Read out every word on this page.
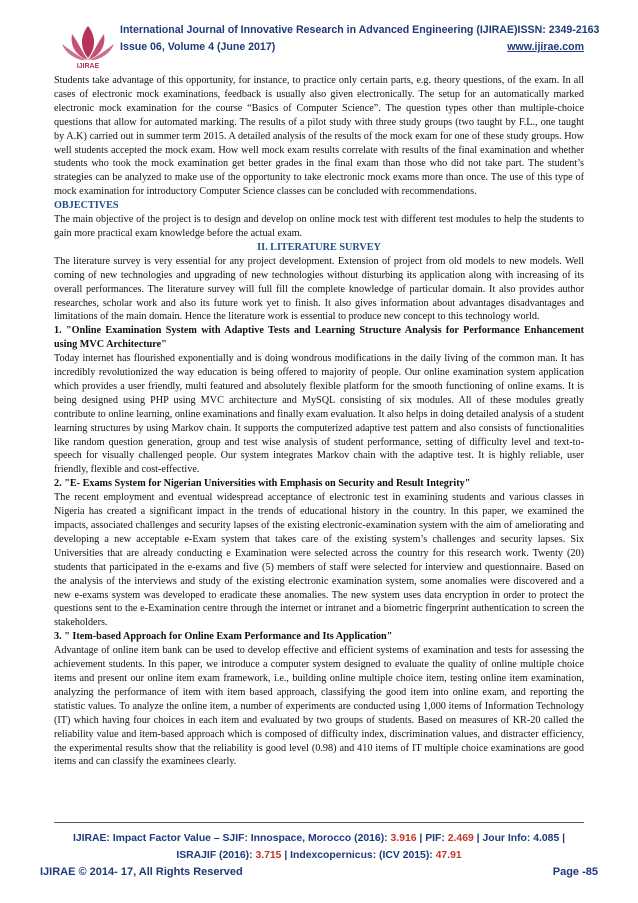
IJIRAE
International Journal of Innovative Research in Advanced Engineering (IJIRAE) ISSN: 2349-2163
Issue 06, Volume 4 (June 2017)	www.ijirae.com

Students take advantage of this opportunity, for instance, to practice only certain parts, e.g. theory questions, of the exam. In all cases of electronic mock examinations, feedback is usually also given electronically. The setup for an automatically marked electronic mock examination for the course “Basics of Computer Science”. The question types other than multiple-choice questions that allow for automated marking. The results of a pilot study with three study groups (two taught by F.L., one taught by A.K) carried out in summer term 2015. A detailed analysis of the results of the mock exam for one of these study groups. How well students accepted the mock exam. How well mock exam results correlate with results of the final examination and whether students who took the mock examination get better grades in the final exam than those who did not take part. The student’s strategies can be analyzed to make use of the opportunity to take electronic mock exams more than once. The use of this type of mock examination for introductory Computer Science classes can be concluded with recommendations.

OBJECTIVES

The main objective of the project is to design and develop on online mock test with different test modules to help the students to gain more practical exam knowledge before the actual exam.

II. LITERATURE SURVEY

The literature survey is very essential for any project development. Extension of project from old models to new models. Well coming of new technologies and upgrading of new technologies without disturbing its application along with increasing of its overall performances. The literature survey will full fill the complete knowledge of particular domain. It also provides author researches, scholar work and also its future work yet to finish. It also gives information about advantages disadvantages and limitations of the main domain. Hence the literature work is essential to produce new concept to this technology world.

1. "Online Examination System with Adaptive Tests and Learning Structure Analysis for Performance Enhancement using MVC Architecture"

Today internet has flourished exponentially and is doing wondrous modifications in the daily living of the common man. It has incredibly revolutionized the way education is being offered to majority of people. Our online examination system application which provides a user friendly, multi featured and absolutely flexible platform for the smooth functioning of online exams. It is being designed using PHP using MVC architecture and MySQL consisting of six modules. All of these modules greatly contribute to online learning, online examinations and finally exam evaluation. It also helps in doing detailed analysis of a student learning structures by using Markov chain. It supports the computerized adaptive test pattern and also consists of functionalities like random question generation, group and test wise analysis of student performance, setting of difficulty level and text-to-speech for visually challenged people. Our system integrates Markov chain with the adaptive test. It is highly reliable, user friendly, flexible and cost-effective.

2. "E- Exams System for Nigerian Universities with Emphasis on Security and Result Integrity"

The recent employment and eventual widespread acceptance of electronic test in examining students and various classes in Nigeria has created a significant impact in the trends of educational history in the country. In this paper, we examined the impacts, associated challenges and security lapses of the existing electronic-examination system with the aim of ameliorating and developing a new acceptable e-Exam system that takes care of the existing system’s challenges and security lapses. Six Universities that are already conducting e Examination were selected across the country for this research work. Twenty (20) students that participated in the e-exams and five (5) members of staff were selected for interview and questionnaire. Based on the analysis of the interviews and study of the existing electronic examination system, some anomalies were discovered and a new e-exams system was developed to eradicate these anomalies. The new system uses data encryption in order to protect the questions sent to the e-Examination centre through the internet or intranet and a biometric fingerprint authentication to screen the stakeholders.

3. " Item-based Approach for Online Exam Performance and Its Application"

Advantage of online item bank can be used to develop effective and efficient systems of examination and tests for assessing the achievement students. In this paper, we introduce a computer system designed to evaluate the quality of online multiple choice items and present our online item exam framework, i.e., building online multiple choice item, testing online item examination, analyzing the performance of item with item based approach, classifying the good item into online exam, and reporting the statistic values. To analyze the online item, a number of experiments are conducted using 1,000 items of Information Technology (IT) which having four choices in each item and evaluated by two groups of students. Based on measures of KR-20 called the reliability value and item-based approach which is composed of difficulty index, discrimination values, and distracter efficiency, the experimental results show that the reliability is good level (0.98) and 410 items of IT multiple choice examinations are good items and can classify the examinees clearly.

IJIRAE: Impact Factor Value – SJIF: Innospace, Morocco (2016): 3.916 | PIF: 2.469 | Jour Info: 4.085 |
ISRAJIF (2016): 3.715 | Indexcopernicus: (ICV 2015): 47.91
IJIRAE © 2014- 17, All Rights Reserved	Page -85
